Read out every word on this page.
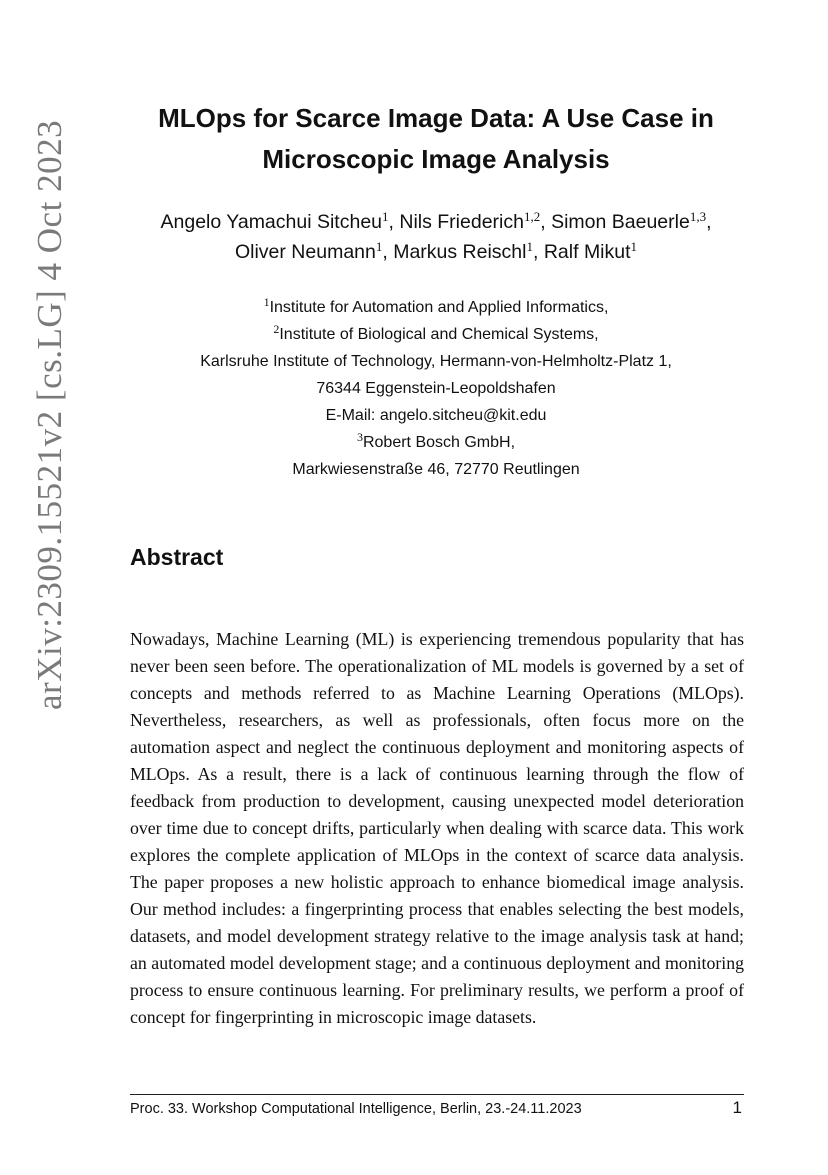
arXiv:2309.15521v2 [cs.LG] 4 Oct 2023
MLOps for Scarce Image Data: A Use Case in
Microscopic Image Analysis
Angelo Yamachui Sitcheu$^1$, Nils Friederich$^{1,2}$, Simon Baeuerle$^{1,3}$,
Oliver Neumann$^1$, Markus Reischl$^1$, Ralf Mikut$^1$
$^1$Institute for Automation and Applied Informatics,
$^2$Institute of Biological and Chemical Systems,
Karlsruhe Institute of Technology, Hermann-von-Helmholtz-Platz 1,
76344 Eggenstein-Leopoldshafen
E-Mail: angelo.sitcheu@kit.edu
$^3$Robert Bosch GmbH,
Markwiesenstraße 46, 72770 Reutlingen
Abstract

Nowadays, Machine Learning (ML) is experiencing tremendous popularity that has never been seen before. The operationalization of ML models is governed by a set of concepts and methods referred to as Machine Learning Operations (MLOps). Nevertheless, researchers, as well as professionals, often focus more on the automation aspect and neglect the continuous deployment and monitoring aspects of MLOps. As a result, there is a lack of continuous learning through the flow of feedback from production to development, causing unexpected model deterioration over time due to concept drifts, particularly when dealing with scarce data. This work explores the complete application of MLOps in the context of scarce data analysis. The paper proposes a new holistic approach to enhance biomedical image analysis. Our method includes: a fingerprinting process that enables selecting the best models, datasets, and model development strategy relative to the image analysis task at hand; an automated model development stage; and a continuous deployment and monitoring process to ensure continuous learning. For preliminary results, we perform a proof of concept for fingerprinting in microscopic image datasets.

Proc. 33. Workshop Computational Intelligence, Berlin, 23.-24.11.2023	1
